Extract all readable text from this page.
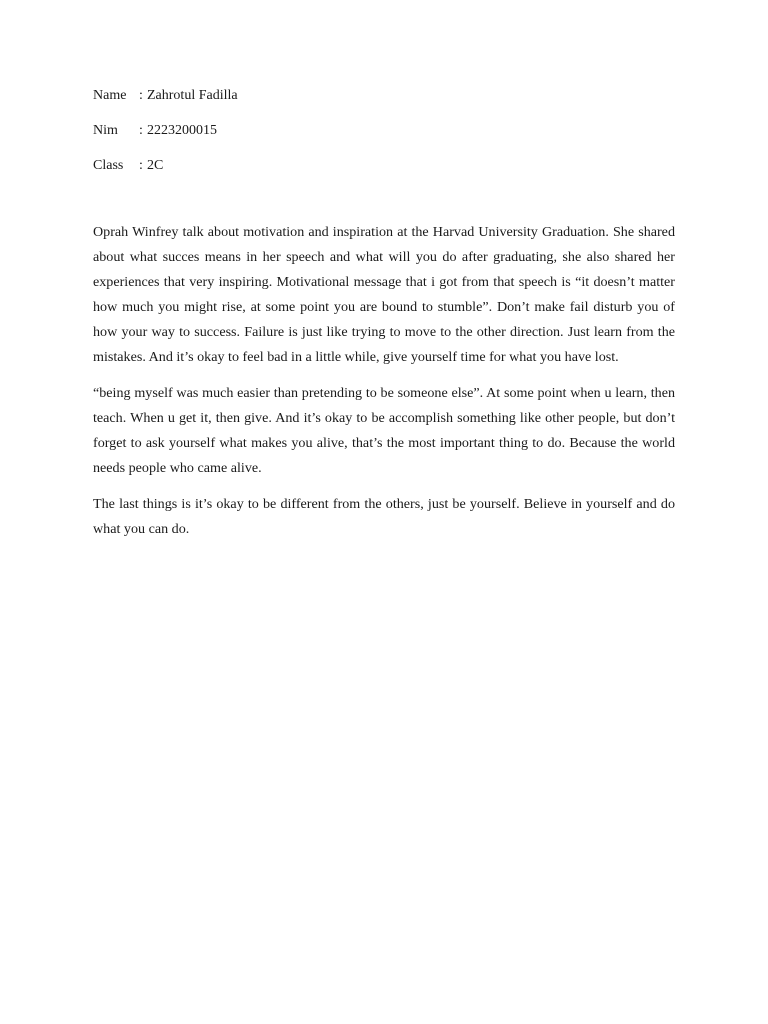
Name : Zahrotul Fadilla
Nim : 2223200015
Class : 2C

Oprah Winfrey talk about motivation and inspiration at the Harvad University Graduation. She shared about what succes means in her speech and what will you do after graduating, she also shared her experiences that very inspiring. Motivational message that i got from that speech is “it doesn’t matter how much you might rise, at some point you are bound to stumble”. Don’t make fail disturb you of how your way to success. Failure is just like trying to move to the other direction. Just learn from the mistakes. And it’s okay to feel bad in a little while, give yourself time for what you have lost.

“being myself was much easier than pretending to be someone else”. At some point when u learn, then teach. When u get it, then give. And it’s okay to be accomplish something like other people, but don’t forget to ask yourself what makes you alive, that’s the most important thing to do. Because the world needs people who came alive.

The last things is it’s okay to be different from the others, just be yourself. Believe in yourself and do what you can do.
